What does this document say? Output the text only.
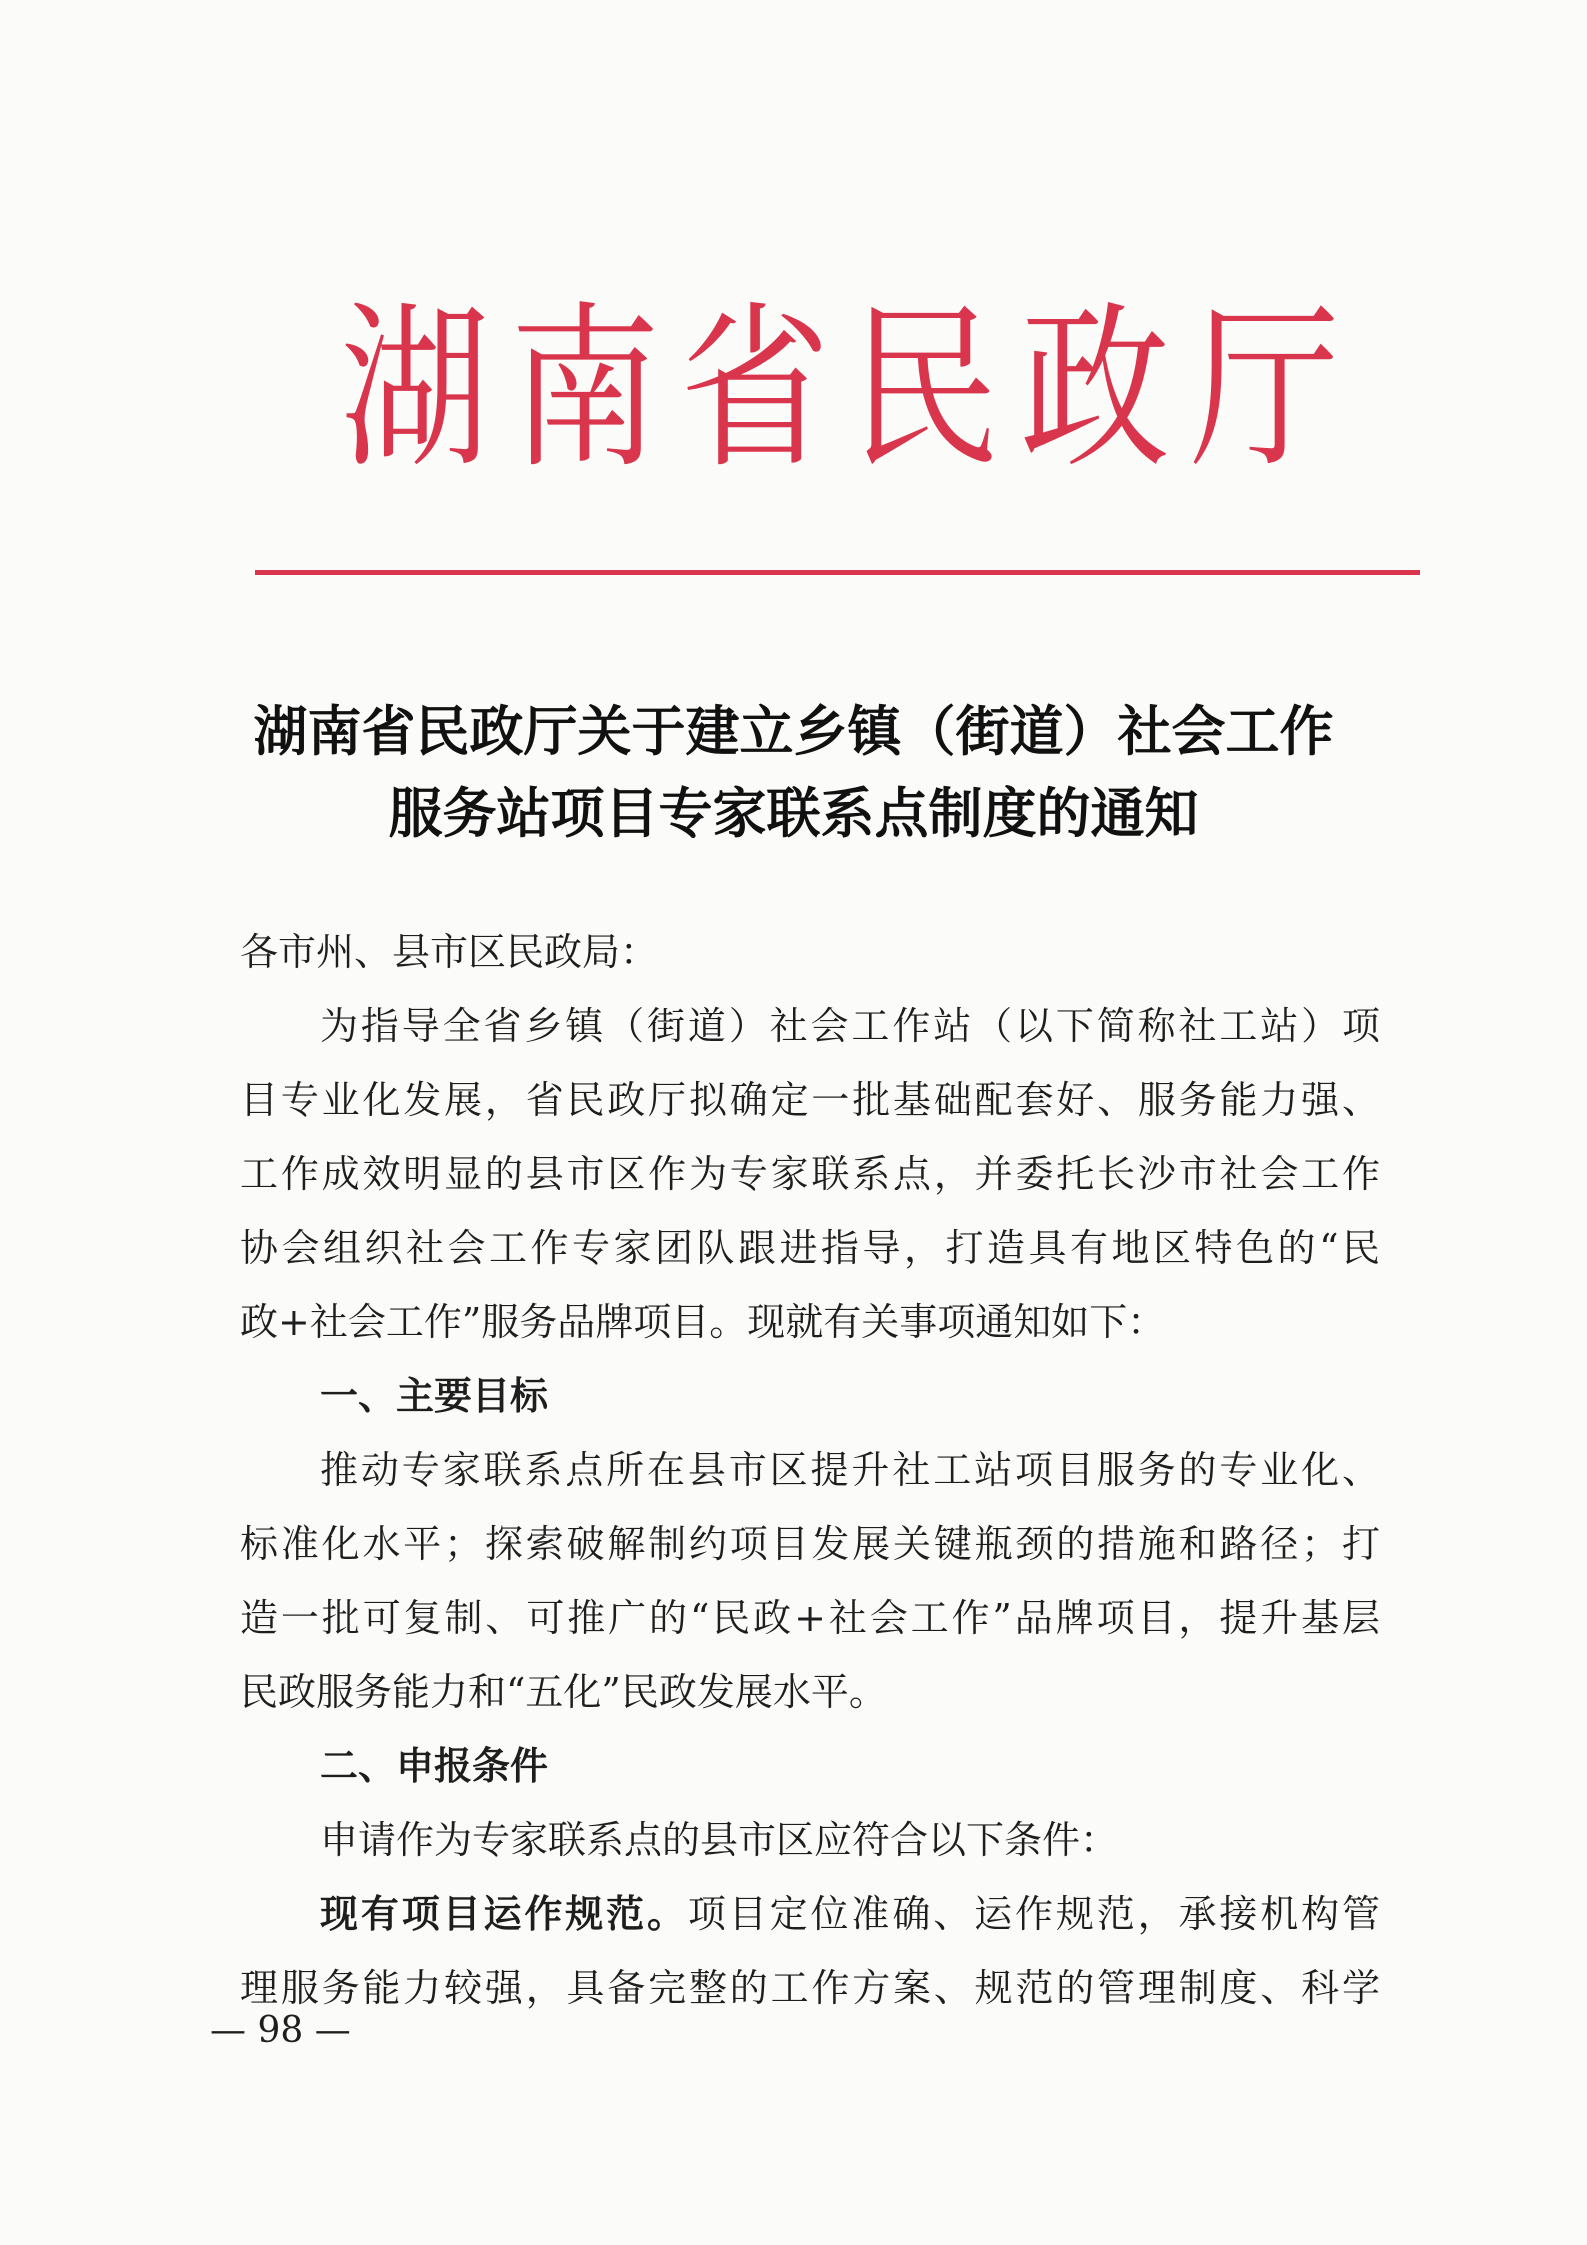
湖 南 省 民 政 厅
湖南省民政厅关于建立乡镇（街道）社会工作
服务站项目专家联系点制度的通知
各市州、县市区民政局：
为指导全省乡镇（街道）社会工作站（以下简称社工站）项
目专业化发展，省民政厅拟确定一批基础配套好、服务能力强、
工作成效明显的县市区作为专家联系点，并委托长沙市社会工作
协会组织社会工作专家团队跟进指导，打造具有地区特色的“民
政+社会工作”服务品牌项目。现就有关事项通知如下：
一、主要目标
推动专家联系点所在县市区提升社工站项目服务的专业化、
标准化水平；探索破解制约项目发展关键瓶颈的措施和路径；打
造一批可复制、可推广的“民政+社会工作”品牌项目，提升基层
民政服务能力和“五化”民政发展水平。
二、申报条件
申请作为专家联系点的县市区应符合以下条件：
现有项目运作规范。项目定位准确、运作规范，承接机构管
理服务能力较强，具备完整的工作方案、规范的管理制度、科学
— 98 —
